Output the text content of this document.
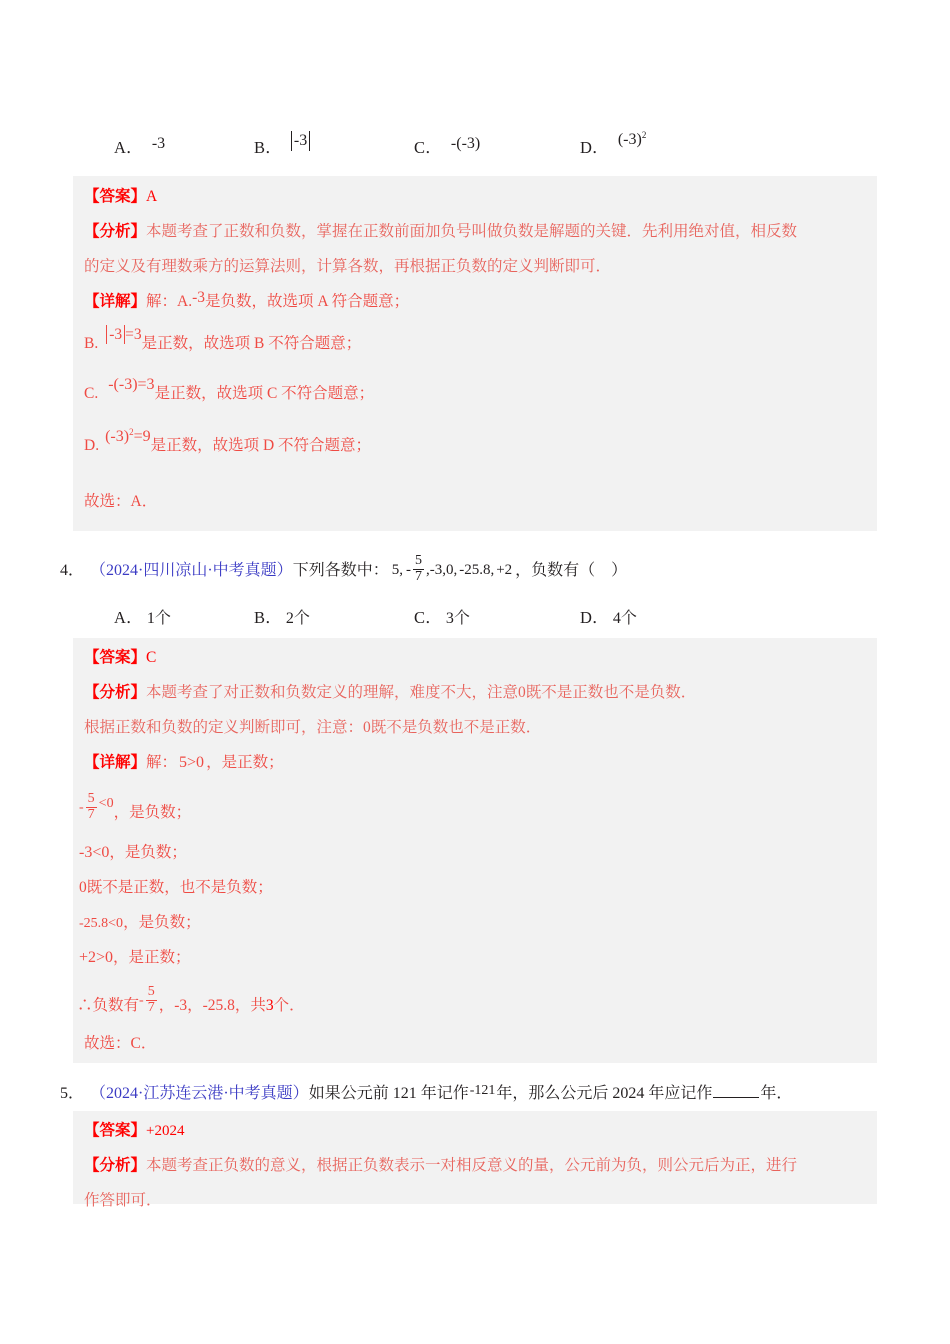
A． -3	B． -3	C． -(-3)	D． (-3) 2
【答案】A
【分析】本题考查了正数和负数，掌握在正数前面加负号叫做负数是解题的关键．先利用绝对值，相反数
的定义及有理数乘方的运算法则，计算各数，再根据正负数的定义判断即可．
【详解】解：A.-3是负数，故选项 A 符合题意；
B.
-3 =3
是正数，故选项 B 不符合题意；
C.-(-3)=3是正数，故选项 C 不符合题意；
D.
(-3) 2 =9
是正数，故选项 D 不符合题意；
故选：A．
4． （2024·四川凉山·中考真题） 下列各数中： 5, - $\frac{5}{7} ,-3$, 0, -25.8, +2 ，负数有（　）
A． 1个	B． 2个	C． 3个	D． 4个
【答案】C
【分析】本题考查了对正数和负数定义的理解，难度不大，注意0既不是正数也不是负数．
根据正数和负数的定义判断即可，注意：0既不是负数也不是正数．
【详解】解： 5>0 ，是正数；
- $\frac{5}{7} <0$
，是负数；
-3<0，是负数；
0既不是正数，也不是负数；
-25.8<0，是负数；
+2>0，是正数；
∴负数有 - $\frac{5}{7}$ ，-3，-25.8，共3个．
故选：C．
5． （2024·江苏连云港·中考真题） 如果公元前 121 年记作 -121 年，那么公元后 2024 年应记作	年．
【答案】+2024
【分析】本题考查正负数的意义，根据正负数表示一对相反意义的量，公元前为负，则公元后为正，进行
作答即可．
